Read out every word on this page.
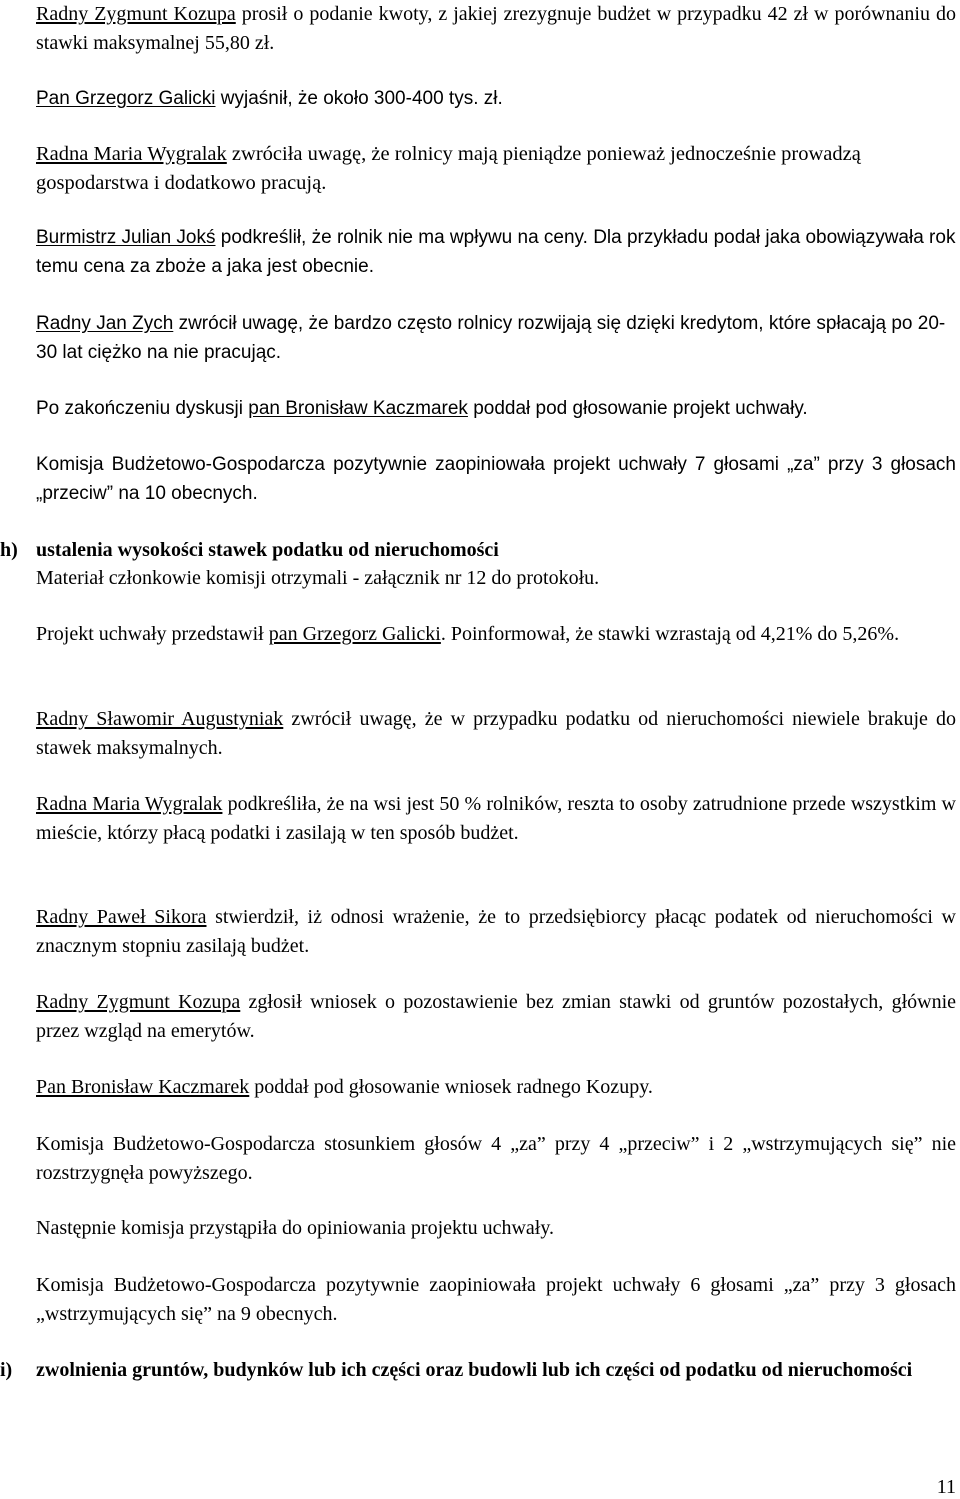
Radny Zygmunt Kozupa prosił o podanie kwoty, z jakiej zrezygnuje budżet w przypadku 42 zł w porównaniu do stawki maksymalnej 55,80 zł.

Pan Grzegorz Galicki wyjaśnił, że około 300-400 tys. zł.

Radna Maria Wygralak zwróciła uwagę, że rolnicy mają pieniądze ponieważ jednocześnie prowadzą gospodarstwa i dodatkowo pracują.

Burmistrz Julian Jokś podkreślił, że rolnik nie ma wpływu na ceny. Dla przykładu podał jaka obowiązywała rok temu cena za zboże a jaka jest obecnie.

Radny Jan Zych zwrócił uwagę, że bardzo często rolnicy rozwijają się dzięki kredytom, które spłacają po 20-30 lat ciężko na nie pracując.

Po zakończeniu dyskusji pan Bronisław Kaczmarek poddał pod głosowanie projekt uchwały.

Komisja Budżetowo-Gospodarcza pozytywnie zaopiniowała projekt uchwały 7 głosami „za” przy 3 głosach „przeciw” na 10 obecnych.

h) ustalenia wysokości stawek podatku od nieruchomości

Materiał członkowie komisji otrzymali - załącznik nr 12 do protokołu.

Projekt uchwały przedstawił pan Grzegorz Galicki. Poinformował, że stawki wzrastają od 4,21% do 5,26%.

Radny Sławomir Augustyniak zwrócił uwagę, że w przypadku podatku od nieruchomości niewiele brakuje do stawek maksymalnych.

Radna Maria Wygralak podkreśliła, że na wsi jest 50 % rolników, reszta to osoby zatrudnione przede wszystkim w mieście, którzy płacą podatki i zasilają w ten sposób budżet.

Radny Paweł Sikora stwierdził, iż odnosi wrażenie, że to przedsiębiorcy płacąc podatek od nieruchomości w znacznym stopniu zasilają budżet.

Radny Zygmunt Kozupa zgłosił wniosek o pozostawienie bez zmian stawki od gruntów pozostałych, głównie przez wzgląd na emerytów.

Pan Bronisław Kaczmarek poddał pod głosowanie wniosek radnego Kozupy.

Komisja Budżetowo-Gospodarcza stosunkiem głosów 4 „za” przy 4 „przeciw” i 2 „wstrzymujących się” nie rozstrzygnęła powyższego.

Następnie komisja przystąpiła do opiniowania projektu uchwały.

Komisja Budżetowo-Gospodarcza pozytywnie zaopiniowała projekt uchwały 6 głosami „za” przy 3 głosach „wstrzymujących się” na 9 obecnych.

i) zwolnienia gruntów, budynków lub ich części oraz budowli lub ich części od podatku od nieruchomości

11
